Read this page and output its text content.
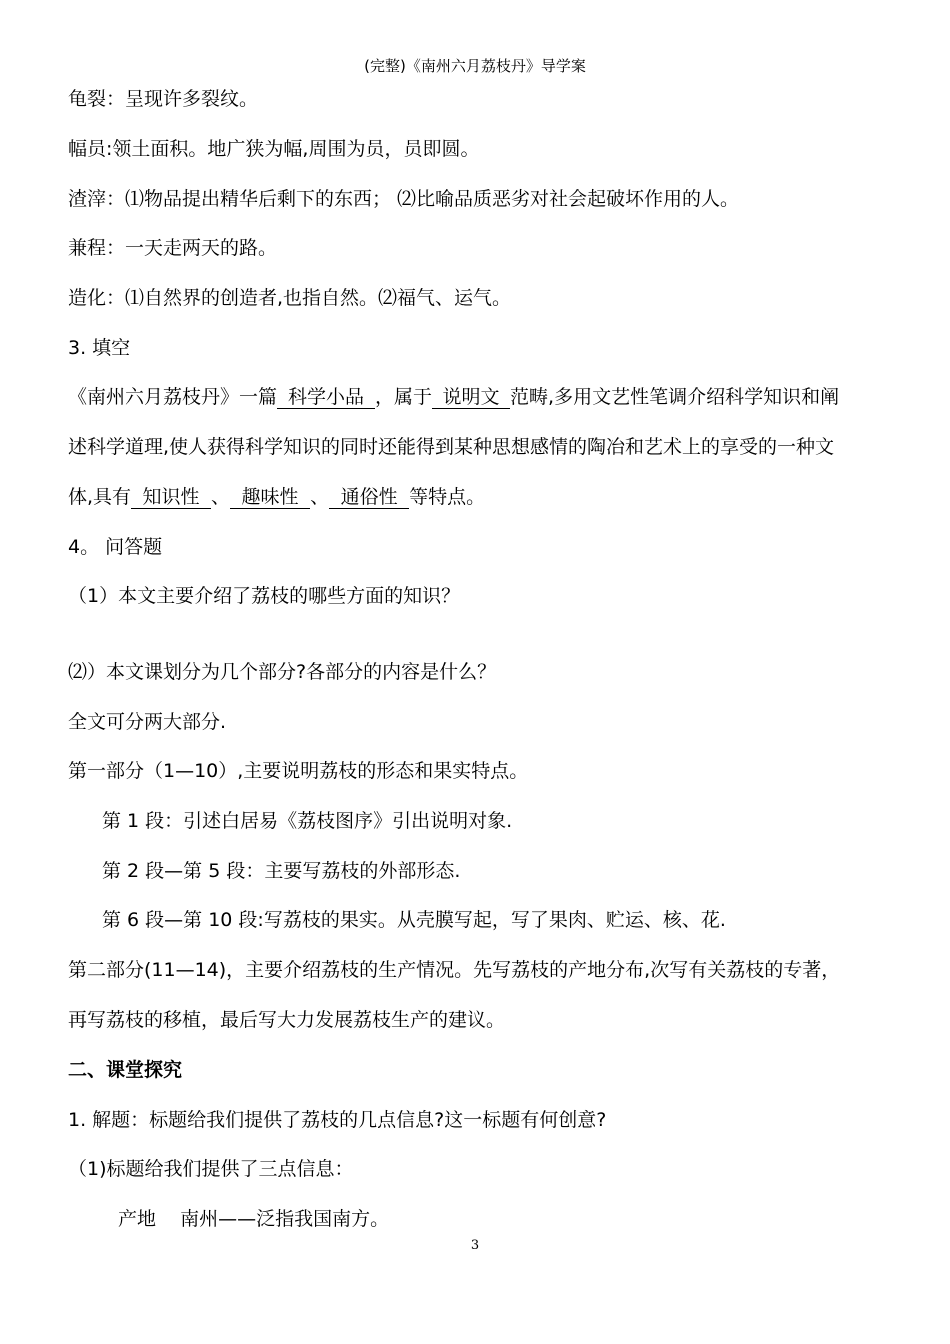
(完整)《南州六月荔枝丹》导学案
龟裂：呈现许多裂纹。
幅员:领土面积。地广狭为幅,周围为员，员即圆。
渣滓：⑴物品提出精华后剩下的东西； ⑵比喻品质恶劣对社会起破坏作用的人。
兼程：一天走两天的路。
造化：⑴自然界的创造者,也指自然。⑵福气、运气。
3. 填空
《南州六月荔枝丹》一篇 科学小品 ，属于 说明文 范畴,多用文艺性笔调介绍科学知识和阐
述科学道理,使人获得科学知识的同时还能得到某种思想感情的陶冶和艺术上的享受的一种文
体,具有 知识性 、 趣味性 、 通俗性 等特点。
4。 问答题
（1）本文主要介绍了荔枝的哪些方面的知识？
⑵）本文课划分为几个部分?各部分的内容是什么？
全文可分两大部分.
第一部分（1—10）,主要说明荔枝的形态和果实特点。
第 1 段：引述白居易《荔枝图序》引出说明对象.
第 2 段—第 5 段：主要写荔枝的外部形态.
第 6 段—第 10 段:写荔枝的果实。从壳膜写起，写了果肉、贮运、核、花.
第二部分(11—14)，主要介绍荔枝的生产情况。先写荔枝的产地分布,次写有关荔枝的专著，
再写荔枝的移植，最后写大力发展荔枝生产的建议。
二、课堂探究
1. 解题：标题给我们提供了荔枝的几点信息?这一标题有何创意?
（1)标题给我们提供了三点信息：
产地    南州——泛指我国南方。
3
